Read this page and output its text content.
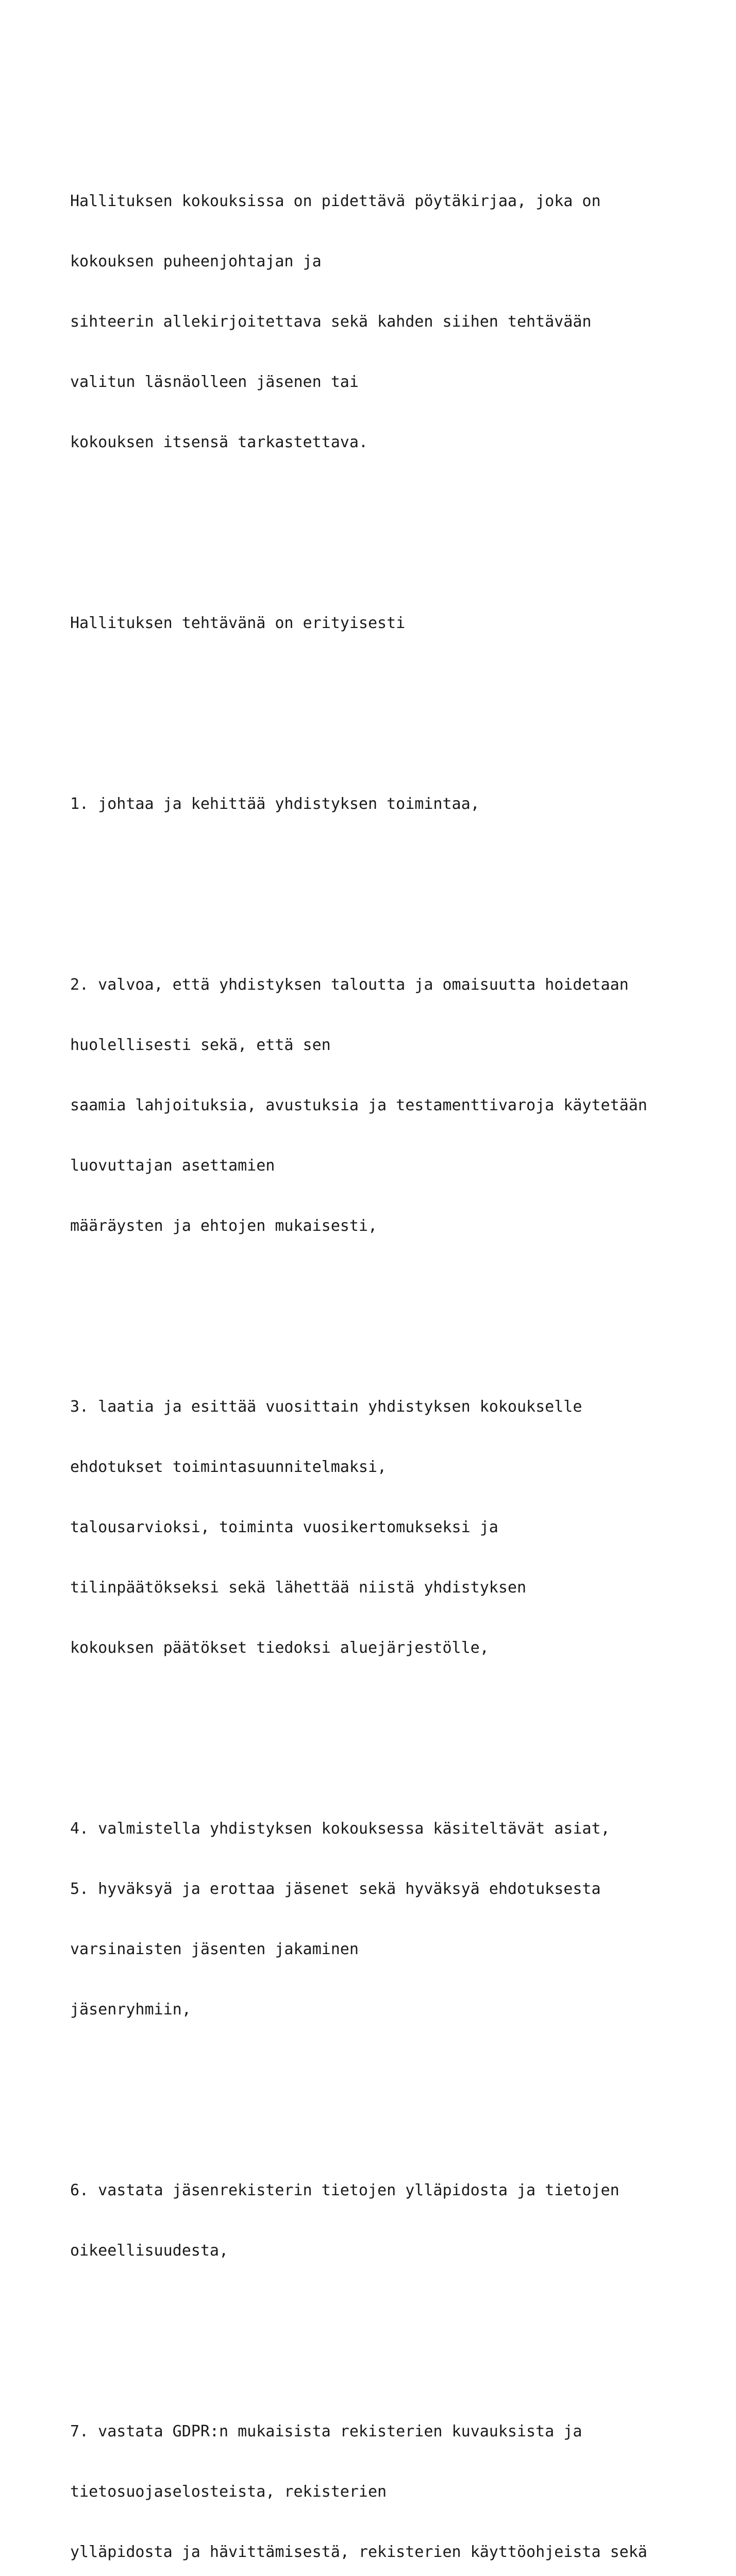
Hallituksen kokouksissa on pidettävä pöytäkirjaa, joka on

kokouksen puheenjohtajan ja

sihteerin allekirjoitettava sekä kahden siihen tehtävään

valitun läsnäolleen jäsenen tai

kokouksen itsensä tarkastettava.

Hallituksen tehtävänä on erityisesti

1. johtaa ja kehittää yhdistyksen toimintaa,

2. valvoa, että yhdistyksen taloutta ja omaisuutta hoidetaan

huolellisesti sekä, että sen

saamia lahjoituksia, avustuksia ja testamenttivaroja käytetään

luovuttajan asettamien

määräysten ja ehtojen mukaisesti,

3. laatia ja esittää vuosittain yhdistyksen kokoukselle

ehdotukset toimintasuunnitelmaksi,

talousarvioksi, toiminta vuosikertomukseksi ja

tilinpäätökseksi sekä lähettää niistä yhdistyksen

kokouksen päätökset tiedoksi aluejärjestölle,

4. valmistella yhdistyksen kokouksessa käsiteltävät asiat,

5. hyväksyä ja erottaa jäsenet sekä hyväksyä ehdotuksesta

varsinaisten jäsenten jakaminen

jäsenryhmiin,

6. vastata jäsenrekisterin tietojen ylläpidosta ja tietojen

oikeellisuudesta,

7. vastata GDPR:n mukaisista rekisterien kuvauksista ja

tietosuojaselosteista, rekisterien

ylläpidosta ja hävittämisestä, rekisterien käyttöohjeista sekä
